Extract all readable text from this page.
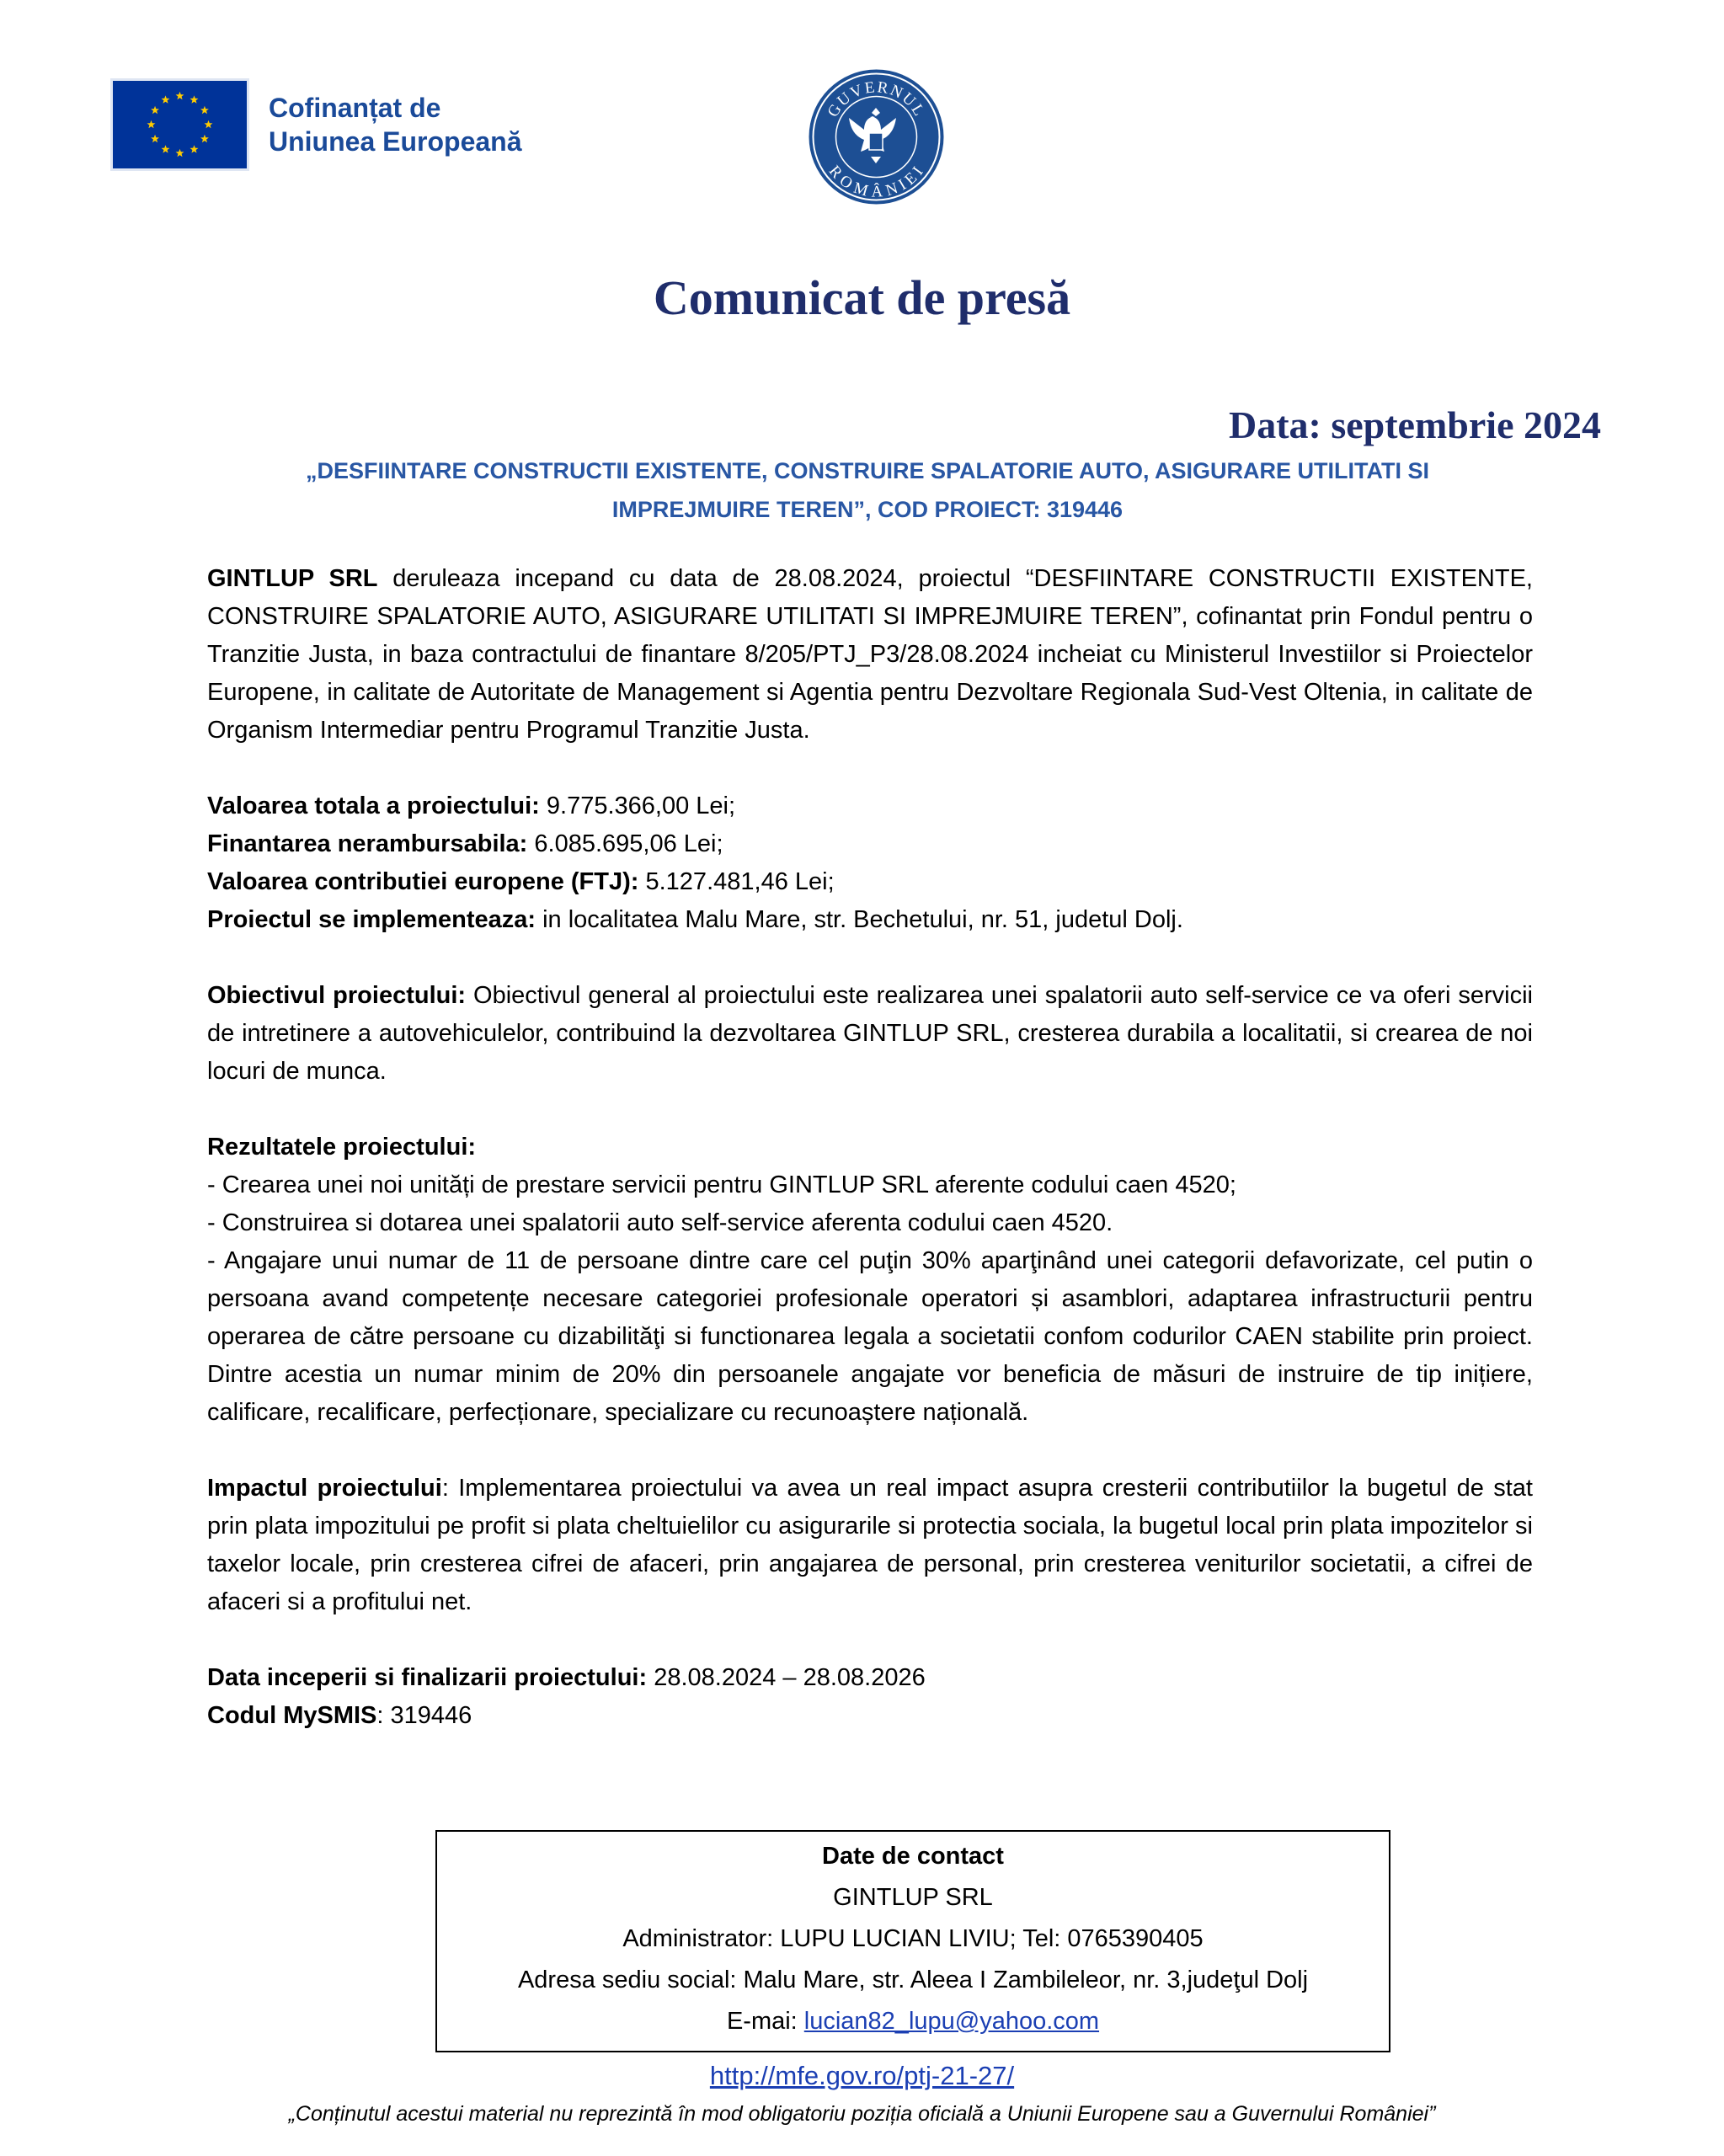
Cofinanțat de
Uniunea Europeană
GUVERNUL
ROMÂNIEI
Comunicat de presă
Data: septembrie 2024
„DESFIINTARE CONSTRUCTII EXISTENTE, CONSTRUIRE SPALATORIE AUTO, ASIGURARE UTILITATI SI
IMPREJMUIRE TEREN”, COD PROIECT: 319446

GINTLUP SRL deruleaza incepand cu data de 28.08.2024, proiectul “DESFIINTARE CONSTRUCTII EXISTENTE, CONSTRUIRE SPALATORIE AUTO, ASIGURARE UTILITATI SI IMPREJMUIRE TEREN”, cofinantat prin Fondul pentru o Tranzitie Justa, in baza contractului de finantare 8/205/PTJ_P3/28.08.2024 incheiat cu Ministerul Investiilor si Proiectelor Europene, in calitate de Autoritate de Management si Agentia pentru Dezvoltare Regionala Sud-Vest Oltenia, in calitate de Organism Intermediar pentru Programul Tranzitie Justa.

Valoarea totala a proiectului: 9.775.366,00 Lei;

Finantarea nerambursabila: 6.085.695,06 Lei;

Valoarea contributiei europene (FTJ): 5.127.481,46 Lei;

Proiectul se implementeaza: in localitatea Malu Mare, str. Bechetului, nr. 51, judetul Dolj.

Obiectivul proiectului: Obiectivul general al proiectului este realizarea unei spalatorii auto self-service ce va oferi servicii de intretinere a autovehiculelor, contribuind la dezvoltarea GINTLUP SRL, cresterea durabila a localitatii, si crearea de noi locuri de munca.

Rezultatele proiectului:

- Crearea unei noi unități de prestare servicii pentru GINTLUP SRL aferente codului caen 4520;

- Construirea si dotarea unei spalatorii auto self-service aferenta codului caen 4520.

- Angajare unui numar de 11 de persoane dintre care cel puţin 30% aparţinând unei categorii defavorizate, cel putin o persoana avand competențe necesare categoriei profesionale operatori și asamblori, adaptarea infrastructurii pentru operarea de către persoane cu dizabilităţi si functionarea legala a societatii confom codurilor CAEN stabilite prin proiect. Dintre acestia un numar minim de 20% din persoanele angajate vor beneficia de măsuri de instruire de tip inițiere, calificare, recalificare, perfecționare, specializare cu recunoaștere națională.

Impactul proiectului: Implementarea proiectului va avea un real impact asupra cresterii contributiilor la bugetul de stat prin plata impozitului pe profit si plata cheltuielilor cu asigurarile si protectia sociala, la bugetul local prin plata impozitelor si taxelor locale, prin cresterea cifrei de afaceri, prin angajarea de personal, prin cresterea veniturilor societatii, a cifrei de afaceri si a profitului net.

Data inceperii si finalizarii proiectului: 28.08.2024 – 28.08.2026

Codul MySMIS: 319446

Date de contact
GINTLUP SRL
Administrator: LUPU LUCIAN LIVIU; Tel: 0765390405
Adresa sediu social: Malu Mare, str. Aleea I Zambileleor, nr. 3,judeţul Dolj
E-mai: lucian82_lupu@yahoo.com
http://mfe.gov.ro/ptj-21-27/
„Conținutul acestui material nu reprezintă în mod obligatoriu poziția oficială a Uniunii Europene sau a Guvernului României”
